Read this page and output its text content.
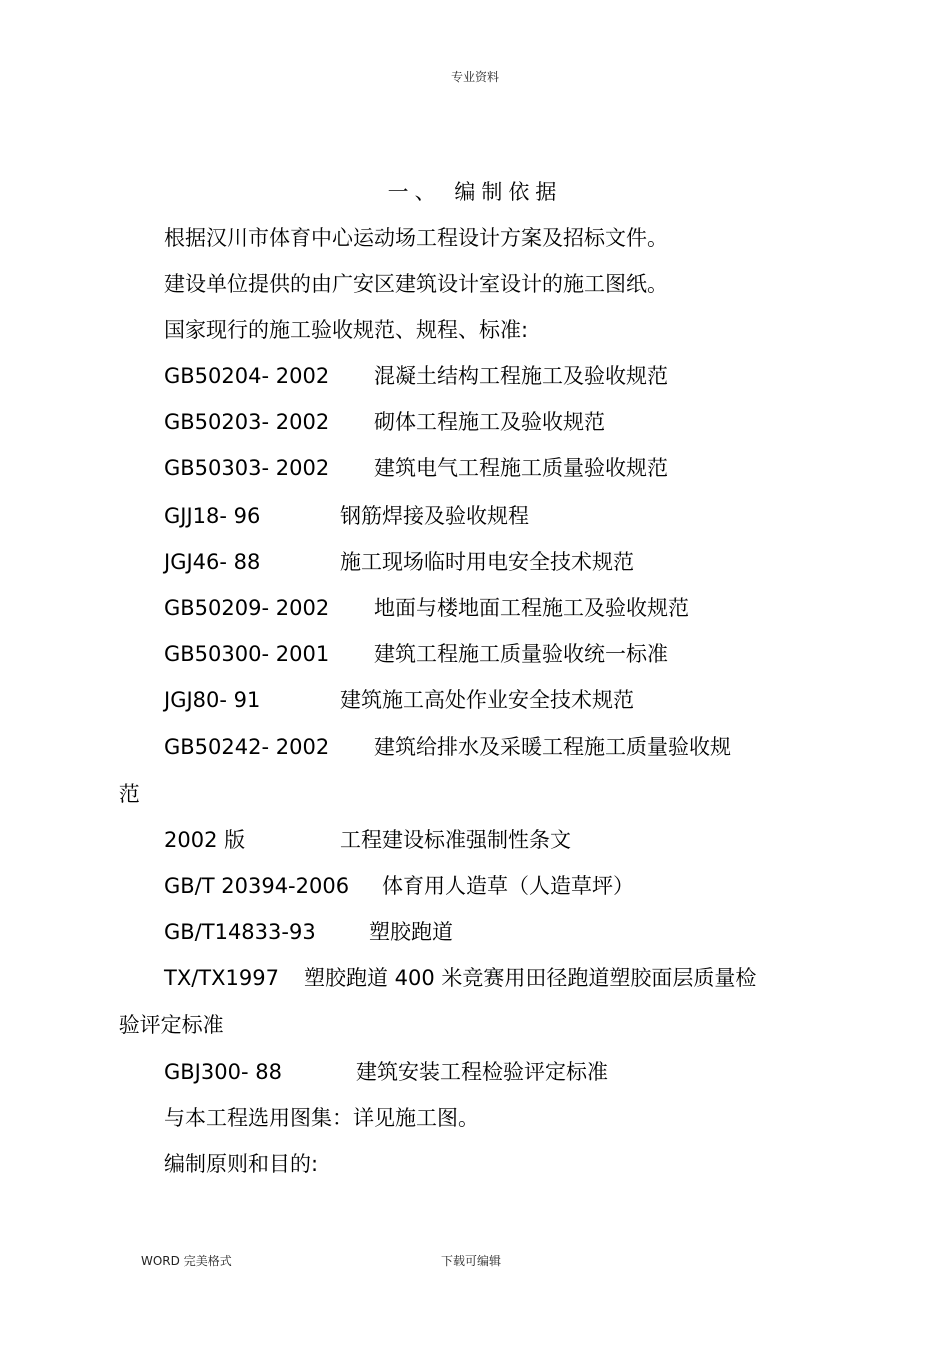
专业资料
一、 编制依据
根据汉川市体育中心运动场工程设计方案及招标文件。
建设单位提供的由广安区建筑设计室设计的施工图纸。
国家现行的施工验收规范、规程、标准:
GB50204- 2002 混凝土结构工程施工及验收规范
GB50203- 2002 砌体工程施工及验收规范
GB50303- 2002 建筑电气工程施工质量验收规范
GJJ18- 96	钢筋焊接及验收规程
JGJ46- 88	施工现场临时用电安全技术规范
GB50209- 2002 地面与楼地面工程施工及验收规范
GB50300- 2001 建筑工程施工质量验收统一标准
JGJ80- 91	建筑施工高处作业安全技术规范
GB50242- 2002 建筑给排水及采暖工程施工质量验收规
范
2002 版	工程建设标准强制性条文
GB/T 20394-2006 体育用人造草（人造草坪）
GB/T14833-93	塑胶跑道
TX/TX1997 塑胶跑道 400 米竞赛用田径跑道塑胶面层质量检
验评定标准
GBJ300- 88	建筑安装工程检验评定标准
与本工程选用图集：详见施工图。
编制原则和目的:
WORD 完美格式	下载可编辑
